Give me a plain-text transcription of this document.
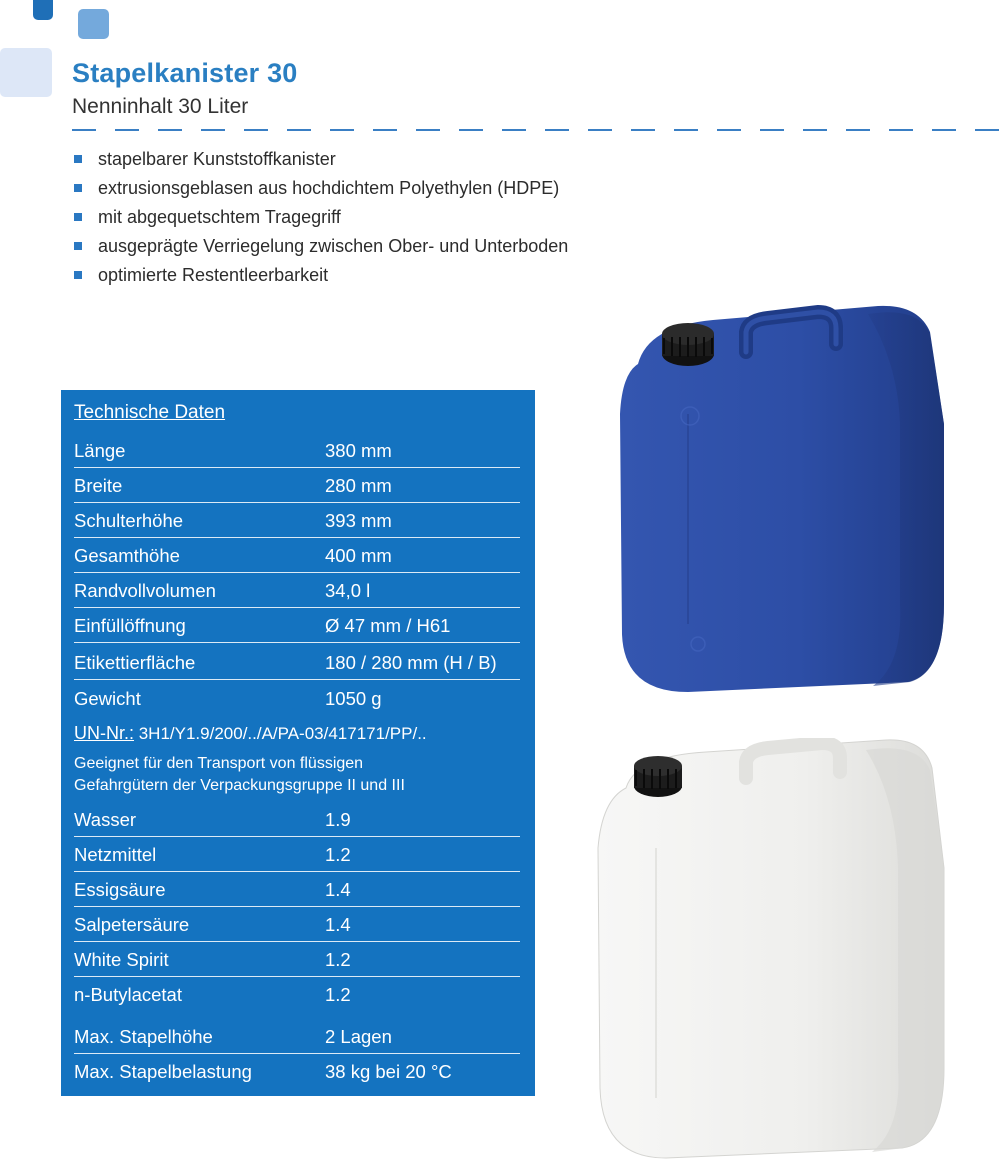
Stapelkanister 30
Nenninhalt 30 Liter
stapelbarer Kunststoffkanister
extrusionsgeblasen aus hochdichtem Polyethylen (HDPE)
mit abgequetschtem Tragegriff
ausgeprägte Verriegelung zwischen Ober- und Unterboden
optimierte Restentleerbarkeit
Technische Daten
Länge	380 mm
Breite	280 mm
Schulterhöhe	393 mm
Gesamthöhe	400 mm
Randvollvolumen	34,0 l
Einfüllöffnung	Ø 47 mm / H61
Etikettierfläche	180 / 280 mm (H / B)
Gewicht	1050 g
UN-Nr.: 3H1/Y1.9/200/../A/PA-03/417171/PP/..
Geeignet für den Transport von flüssigen
Gefahrgütern der Verpackungsgruppe II und III
Wasser	1.9
Netzmittel	1.2
Essigsäure	1.4
Salpetersäure	1.4
White Spirit	1.2
n-Butylacetat	1.2
Max. Stapelhöhe	2 Lagen
Max. Stapelbelastung	38 kg bei 20 °C
